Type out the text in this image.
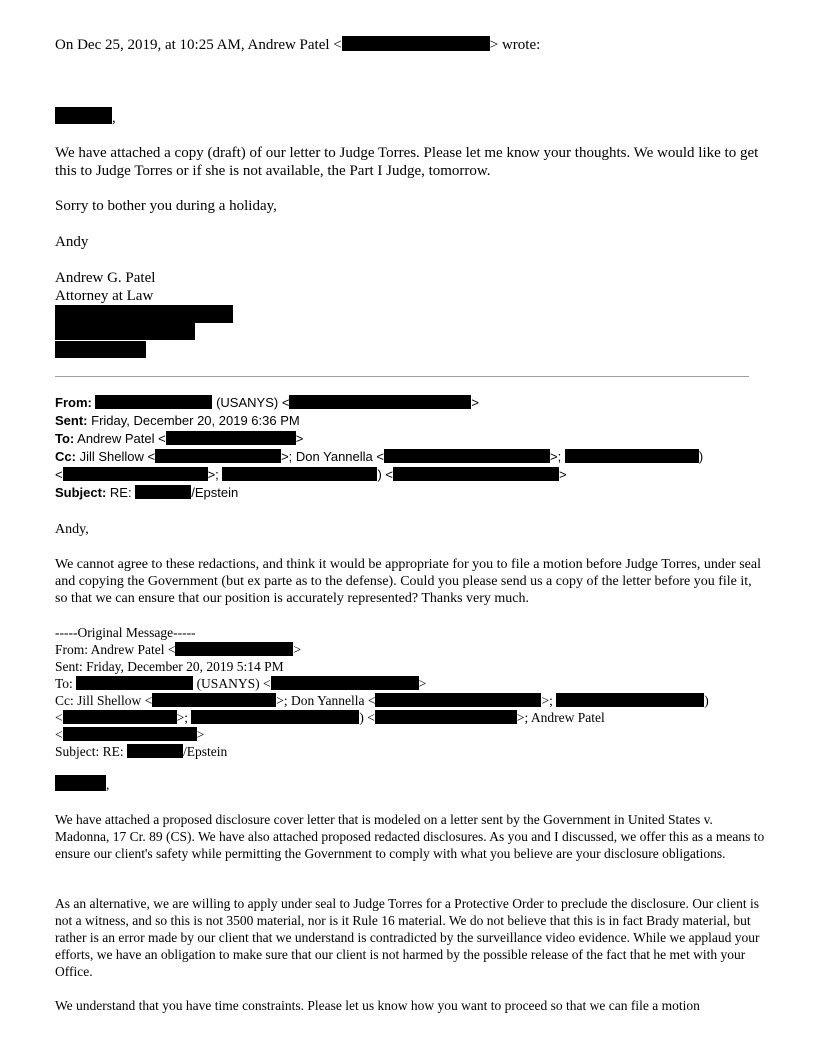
On Dec 25, 2019, at 10:25 AM, Andrew Patel <	> wrote:
,
We have attached a copy (draft) of our letter to Judge Torres. Please let me know your thoughts. We would like to get this to Judge Torres or if she is not available, the Part I Judge, tomorrow.
Sorry to bother you during a holiday,
Andy
Andrew G. Patel
Attorney at Law
From:	(USANYS) <	>
Sent: Friday, December 20, 2019 6:36 PM
To: Andrew Patel <	>
Cc: Jill Shellow <	>; Don Yannella <	>;	)
<	>;	) <	>
Subject: RE:	/Epstein
Andy,
We cannot agree to these redactions, and think it would be appropriate for you to file a motion before Judge Torres, under seal and copying the Government (but ex parte as to the defense). Could you please send us a copy of the letter before you file it, so that we can ensure that our position is accurately represented? Thanks very much.
-----Original Message-----
From: Andrew Patel <	>
Sent: Friday, December 20, 2019 5:14 PM
To:	(USANYS) <	>
Cc: Jill Shellow <	>; Don Yannella <	>;	)
<	>;	) <	>; Andrew Patel
<	>
Subject: RE:	/Epstein
,
We have attached a proposed disclosure cover letter that is modeled on a letter sent by the Government in United States v. Madonna, 17 Cr. 89 (CS). We have also attached proposed redacted disclosures. As you and I discussed, we offer this as a means to ensure our client's safety while permitting the Government to comply with what you believe are your disclosure obligations.
As an alternative, we are willing to apply under seal to Judge Torres for a Protective Order to preclude the disclosure. Our client is not a witness, and so this is not 3500 material, nor is it Rule 16 material. We do not believe that this is in fact Brady material, but rather is an error made by our client that we understand is contradicted by the surveillance video evidence. While we applaud your efforts, we have an obligation to make sure that our client is not harmed by the possible release of the fact that he met with your Office.
We understand that you have time constraints. Please let us know how you want to proceed so that we can file a motion
